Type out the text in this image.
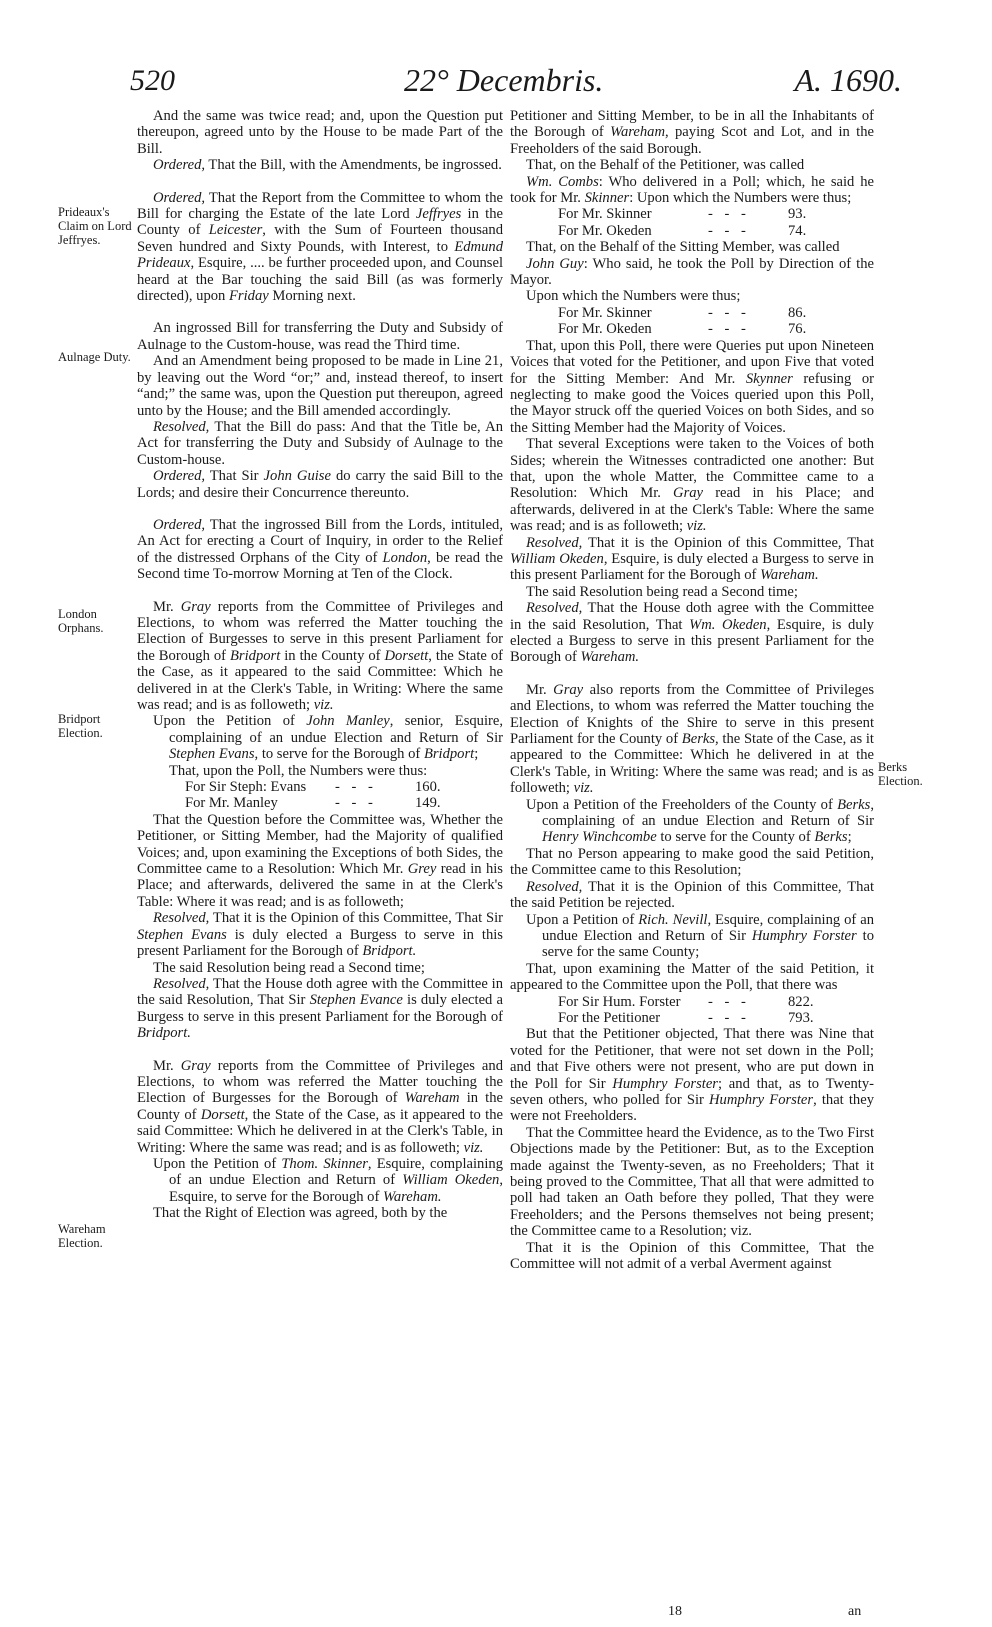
520	22° Decembris.	A. 1690.
Prideaux's Claim on Lord Jeffryes.
Aulnage Duty.
London Orphans.
Bridport Election.
Wareham Election.
Berks Election.

And the same was twice read; and, upon the Question put thereupon, agreed unto by the House to be made Part of the Bill.

Ordered, That the Bill, with the Amendments, be ingrossed.

Ordered, That the Report from the Committee to whom the Bill for charging the Estate of the late Lord Jeffryes in the County of Leicester, with the Sum of Fourteen thousand Seven hundred and Sixty Pounds, with Interest, to Edmund Prideaux, Esquire, .... be further proceeded upon, and Counsel heard at the Bar touching the said Bill (as was formerly directed), upon Friday Morning next.

An ingrossed Bill for transferring the Duty and Subsidy of Aulnage to the Custom-house, was read the Third time.

And an Amendment being proposed to be made in Line 21, by leaving out the Word “or;” and, instead thereof, to insert “and;” the same was, upon the Question put thereupon, agreed unto by the House; and the Bill amended accordingly.

Resolved, That the Bill do pass: And that the Title be, An Act for transferring the Duty and Subsidy of Aulnage to the Custom-house.

Ordered, That Sir John Guise do carry the said Bill to the Lords; and desire their Concurrence thereunto.

Ordered, That the ingrossed Bill from the Lords, intituled, An Act for erecting a Court of Inquiry, in order to the Relief of the distressed Orphans of the City of London, be read the Second time To-morrow Morning at Ten of the Clock.

Mr. Gray reports from the Committee of Privileges and Elections, to whom was referred the Matter touching the Election of Burgesses to serve in this present Parliament for the Borough of Bridport in the County of Dorsett, the State of the Case, as it appeared to the said Committee: Which he delivered in at the Clerk's Table, in Writing: Where the same was read; and is as followeth; viz.

Upon the Petition of John Manley, senior, Esquire, complaining of an undue Election and Return of Sir Stephen Evans, to serve for the Borough of Bridport;

That, upon the Poll, the Numbers were thus:

For Sir Steph: Evans	- - -	160.
For Mr. Manley	- - -	149.

That the Question before the Committee was, Whether the Petitioner, or Sitting Member, had the Majority of qualified Voices; and, upon examining the Exceptions of both Sides, the Committee came to a Resolution: Which Mr. Grey read in his Place; and afterwards, delivered the same in at the Clerk's Table: Where it was read; and is as followeth;

Resolved, That it is the Opinion of this Committee, That Sir Stephen Evans is duly elected a Burgess to serve in this present Parliament for the Borough of Bridport.

The said Resolution being read a Second time;

Resolved, That the House doth agree with the Committee in the said Resolution, That Sir Stephen Evance is duly elected a Burgess to serve in this present Parliament for the Borough of Bridport.

Mr. Gray reports from the Committee of Privileges and Elections, to whom was referred the Matter touching the Election of Burgesses for the Borough of Wareham in the County of Dorsett, the State of the Case, as it appeared to the said Committee: Which he delivered in at the Clerk's Table, in Writing: Where the same was read; and is as followeth; viz.

Upon the Petition of Thom. Skinner, Esquire, complaining of an undue Election and Return of William Okeden, Esquire, to serve for the Borough of Wareham.

That the Right of Election was agreed, both by the

Petitioner and Sitting Member, to be in all the Inhabitants of the Borough of Wareham, paying Scot and Lot, and in the Freeholders of the said Borough.

That, on the Behalf of the Petitioner, was called

Wm. Combs: Who delivered in a Poll; which, he said he took for Mr. Skinner: Upon which the Numbers were thus;

For Mr. Skinner	- - -	93.
For Mr. Okeden	- - -	74.

That, on the Behalf of the Sitting Member, was called

John Guy: Who said, he took the Poll by Direction of the Mayor.

Upon which the Numbers were thus;

For Mr. Skinner	- - -	86.
For Mr. Okeden	- - -	76.

That, upon this Poll, there were Queries put upon Nineteen Voices that voted for the Petitioner, and upon Five that voted for the Sitting Member: And Mr. Skynner refusing or neglecting to make good the Voices queried upon this Poll, the Mayor struck off the queried Voices on both Sides, and so the Sitting Member had the Majority of Voices.

That several Exceptions were taken to the Voices of both Sides; wherein the Witnesses contradicted one another: But that, upon the whole Matter, the Committee came to a Resolution: Which Mr. Gray read in his Place; and afterwards, delivered in at the Clerk's Table: Where the same was read; and is as followeth; viz.

Resolved, That it is the Opinion of this Committee, That William Okeden, Esquire, is duly elected a Burgess to serve in this present Parliament for the Borough of Wareham.

The said Resolution being read a Second time;

Resolved, That the House doth agree with the Committee in the said Resolution, That Wm. Okeden, Esquire, is duly elected a Burgess to serve in this present Parliament for the Borough of Wareham.

Mr. Gray also reports from the Committee of Privileges and Elections, to whom was referred the Matter touching the Election of Knights of the Shire to serve in this present Parliament for the County of Berks, the State of the Case, as it appeared to the Committee: Which he delivered in at the Clerk's Table, in Writing: Where the same was read; and is as followeth; viz.

Upon a Petition of the Freeholders of the County of Berks, complaining of an undue Election and Return of Sir Henry Winchcombe to serve for the County of Berks;

That no Person appearing to make good the said Petition, the Committee came to this Resolution;

Resolved, That it is the Opinion of this Committee, That the said Petition be rejected.

Upon a Petition of Rich. Nevill, Esquire, complaining of an undue Election and Return of Sir Humphry Forster to serve for the same County;

That, upon examining the Matter of the said Petition, it appeared to the Committee upon the Poll, that there was

For Sir Hum. Forster	- - -	822.
For the Petitioner	- - -	793.

But that the Petitioner objected, That there was Nine that voted for the Petitioner, that were not set down in the Poll; and that Five others were not present, who are put down in the Poll for Sir Humphry Forster; and that, as to Twenty-seven others, who polled for Sir Humphry Forster, that they were not Freeholders.

That the Committee heard the Evidence, as to the Two First Objections made by the Petitioner: But, as to the Exception made against the Twenty-seven, as no Freeholders; That it being proved to the Committee, That all that were admitted to poll had taken an Oath before they polled, That they were Freeholders; and the Persons themselves not being present; the Committee came to a Resolution; viz.

That it is the Opinion of this Committee, That the Committee will not admit of a verbal Averment against

18	an
